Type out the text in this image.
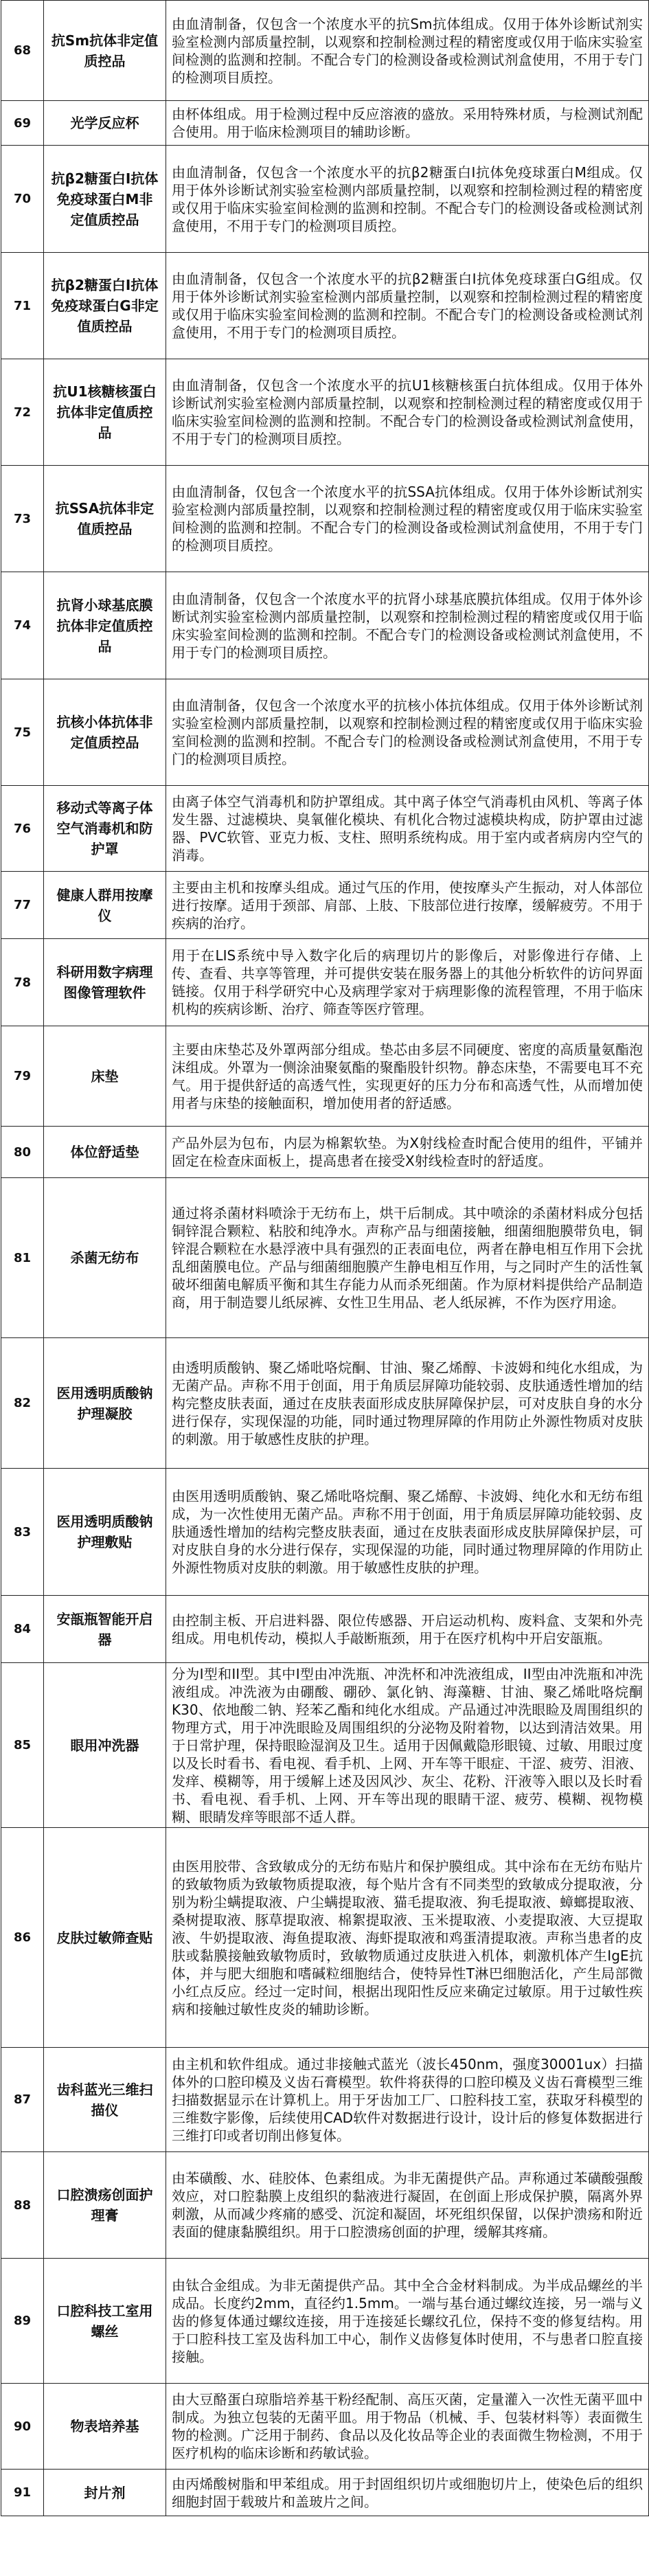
68	抗Sm抗体非定值质控品	由血清制备，仅包含一个浓度水平的抗Sm抗体组成。仅用于体外诊断试剂实验室检测内部质量控制，以观察和控制检测过程的精密度或仅用于临床实验室间检测的监测和控制。不配合专门的检测设备或检测试剂盒使用，不用于专门的检测项目质控。
69	光学反应杯	由杯体组成。用于检测过程中反应溶液的盛放。采用特殊材质，与检测试剂配合使用。用于临床检测项目的辅助诊断。
70	抗β2糖蛋白Ⅰ抗体免疫球蛋白M非定值质控品	由血清制备，仅包含一个浓度水平的抗β2糖蛋白Ⅰ抗体免疫球蛋白M组成。仅用于体外诊断试剂实验室检测内部质量控制，以观察和控制检测过程的精密度或仅用于临床实验室间检测的监测和控制。不配合专门的检测设备或检测试剂盒使用，不用于专门的检测项目质控。
71	抗β2糖蛋白Ⅰ抗体免疫球蛋白G非定值质控品	由血清制备，仅包含一个浓度水平的抗β2糖蛋白Ⅰ抗体免疫球蛋白G组成。仅用于体外诊断试剂实验室检测内部质量控制，以观察和控制检测过程的精密度或仅用于临床实验室间检测的监测和控制。不配合专门的检测设备或检测试剂盒使用，不用于专门的检测项目质控。
72	抗U1核糖核蛋白抗体非定值质控品	由血清制备，仅包含一个浓度水平的抗U1核糖核蛋白抗体组成。仅用于体外诊断试剂实验室检测内部质量控制，以观察和控制检测过程的精密度或仅用于临床实验室间检测的监测和控制。不配合专门的检测设备或检测试剂盒使用，不用于专门的检测项目质控。
73	抗SSA抗体非定值质控品	由血清制备，仅包含一个浓度水平的抗SSA抗体组成。仅用于体外诊断试剂实验室检测内部质量控制，以观察和控制检测过程的精密度或仅用于临床实验室间检测的监测和控制。不配合专门的检测设备或检测试剂盒使用，不用于专门的检测项目质控。
74	抗肾小球基底膜抗体非定值质控品	由血清制备，仅包含一个浓度水平的抗肾小球基底膜抗体组成。仅用于体外诊断试剂实验室检测内部质量控制，以观察和控制检测过程的精密度或仅用于临床实验室间检测的监测和控制。不配合专门的检测设备或检测试剂盒使用，不用于专门的检测项目质控。
75	抗核小体抗体非定值质控品	由血清制备，仅包含一个浓度水平的抗核小体抗体组成。仅用于体外诊断试剂实验室检测内部质量控制，以观察和控制检测过程的精密度或仅用于临床实验室间检测的监测和控制。不配合专门的检测设备或检测试剂盒使用，不用于专门的检测项目质控。
76	移动式等离子体空气消毒机和防护罩	由离子体空气消毒机和防护罩组成。其中离子体空气消毒机由风机、等离子体发生器、过滤模块、臭氧催化模块、有机化合物过滤模块构成，防护罩由过滤器、PVC软管、亚克力板、支柱、照明系统构成。用于室内或者病房内空气的消毒。
77	健康人群用按摩仪	主要由主机和按摩头组成。通过气压的作用，使按摩头产生振动，对人体部位进行按摩。适用于颈部、肩部、上肢、下肢部位进行按摩，缓解疲劳。不用于疾病的治疗。
78	科研用数字病理图像管理软件	用于在LIS系统中导入数字化后的病理切片的影像后，对影像进行存储、上传、查看、共享等管理，并可提供安装在服务器上的其他分析软件的访问界面链接。仅用于科学研究中心及病理学家对于病理影像的流程管理，不用于临床机构的疾病诊断、治疗、筛查等医疗管理。
79	床垫	主要由床垫芯及外罩两部分组成。垫芯由多层不同硬度、密度的高质量氨酯泡沫组成。外罩为一侧涂油聚氨酯的聚酯股针织物。静态床垫，不需要电耳不充气。用于提供舒适的高透气性，实现更好的压力分布和高透气性，从而增加使用者与床垫的接触面积，增加使用者的舒适感。
80	体位舒适垫	产品外层为包布，内层为棉絮软垫。为X射线检查时配合使用的组件，平铺并固定在检查床面板上，提高患者在接受X射线检查时的舒适度。
81	杀菌无纺布	通过将杀菌材料喷涂于无纺布上，烘干后制成。其中喷涂的杀菌材料成分包括铜锌混合颗粒、粘胶和纯净水。声称产品与细菌接触，细菌细胞膜带负电，铜锌混合颗粒在水悬浮液中具有强烈的正表面电位，两者在静电相互作用下会扰乱细菌膜电位。产品与细菌细胞膜产生静电相互作用，与之同时产生的活性氧破坏细菌电解质平衡和其生存能力从而杀死细菌。作为原材料提供给产品制造商，用于制造婴儿纸尿裤、女性卫生用品、老人纸尿裤，不作为医疗用途。
82	医用透明质酸钠护理凝胶	由透明质酸钠、聚乙烯吡咯烷酮、甘油、聚乙烯醇、卡波姆和纯化水组成，为无菌产品。声称不用于创面，用于角质层屏障功能较弱、皮肤通透性增加的结构完整皮肤表面，通过在皮肤表面形成皮肤屏障保护层，可对皮肤自身的水分进行保存，实现保湿的功能，同时通过物理屏障的作用防止外源性物质对皮肤的刺激。用于敏感性皮肤的护理。
83	医用透明质酸钠护理敷贴	由医用透明质酸钠、聚乙烯吡咯烷酮、聚乙烯醇、卡波姆、纯化水和无纺布组成，为一次性使用无菌产品。声称不用于创面，用于角质层屏障功能较弱、皮肤通透性增加的结构完整皮肤表面，通过在皮肤表面形成皮肤屏障保护层，可对皮肤自身的水分进行保存，实现保湿的功能，同时通过物理屏障的作用防止外源性物质对皮肤的刺激。用于敏感性皮肤的护理。
84	安瓿瓶智能开启器	由控制主板、开启进料器、限位传感器、开启运动机构、废料盒、支架和外壳组成。用电机传动，模拟人手敲断瓶颈，用于在医疗机构中开启安瓿瓶。
85	眼用冲洗器	分为I型和II型。其中I型由冲洗瓶、冲洗杯和冲洗液组成，II型由冲洗瓶和冲洗液组成。冲洗液为由硼酸、硼砂、氯化钠、海藻糖、甘油、聚乙烯吡咯烷酮K30、依地酸二钠、羟苯乙酯和纯化水组成。产品通过冲洗眼睑及周围组织的物理方式，用于冲洗眼睑及周围组织的分泌物及附着物，以达到清洁效果。用于日常护理，保持眼睑湿润及卫生。适用于因佩戴隐形眼镜、过敏、用眼过度以及长时看书、看电视、看手机、上网、开车等干眼症、干涩、疲劳、泪液、发痒、模糊等，用于缓解上述及因风沙、灰尘、花粉、汗液等入眼以及长时看书、看电视、看手机、上网、开车等出现的眼睛干涩、疲劳、模糊、视物模糊、眼睛发痒等眼部不适人群。
86	皮肤过敏筛查贴	由医用胶带、含致敏成分的无纺布贴片和保护膜组成。其中涂布在无纺布贴片的致敏物质为致敏物质提取液，每个贴片含有不同类型的致敏成分提取液，分别为粉尘螨提取液、户尘螨提取液、猫毛提取液、狗毛提取液、蟑螂提取液、桑树提取液、豚草提取液、棉絮提取液、玉米提取液、小麦提取液、大豆提取液、牛奶提取液、海鱼提取液、海虾提取液和鸡蛋清提取液。声称当患者的皮肤或黏膜接触致敏物质时，致敏物质通过皮肤进入机体，刺激机体产生IgE抗体，并与肥大细胞和嗜碱粒细胞结合，使特异性T淋巴细胞活化，产生局部微小红点反应。经过一定时间，根据出现阳性反应来确定过敏原。用于过敏性疾病和接触过敏性皮炎的辅助诊断。
87	齿科蓝光三维扫描仪	由主机和软件组成。通过非接触式蓝光（波长450nm，强度30001ux）扫描体外的口腔印模及义齿石膏模型。软件将获得的口腔印模及义齿石膏模型三维扫描数据显示在计算机上。用于牙齿加工厂、口腔科技工室，获取牙科模型的三维数字影像，后续使用CAD软件对数据进行设计，设计后的修复体数据进行三维打印或者切削出修复体。
88	口腔溃疡创面护理膏	由苯磺酸、水、硅胶体、色素组成。为非无菌提供产品。声称通过苯磺酸强酸效应，对口腔黏膜上皮组织的黏液进行凝固，在创面上形成保护膜，隔离外界刺激，从而减少疼痛的感受、沉淀和凝固，坏死组织保留，以保护溃疡和附近表面的健康黏膜组织。用于口腔溃疡创面的护理，缓解其疼痛。
89	口腔科技工室用螺丝	由钛合金组成。为非无菌提供产品。其中全合金材料制成。为半成品螺丝的半成品。长度约2mm，直径约1.5mm。一端与基台通过螺纹连接，另一端与义齿的修复体通过螺纹连接，用于连接延长螺纹孔位，保持不变的修复结构。用于口腔科技工室及齿科加工中心，制作义齿修复体时使用，不与患者口腔直接接触。
90	物表培养基	由大豆酪蛋白琼脂培养基干粉经配制、高压灭菌，定量灌入一次性无菌平皿中制成。为独立包装的无菌平皿。用于物品（机械、手、包装材料等）表面微生物的检测。广泛用于制药、食品以及化妆品等企业的表面微生物检测，不用于医疗机构的临床诊断和药敏试验。
91	封片剂	由丙烯酸树脂和甲苯组成。用于封固组织切片或细胞切片上，使染色后的组织细胞封固于载玻片和盖玻片之间。
